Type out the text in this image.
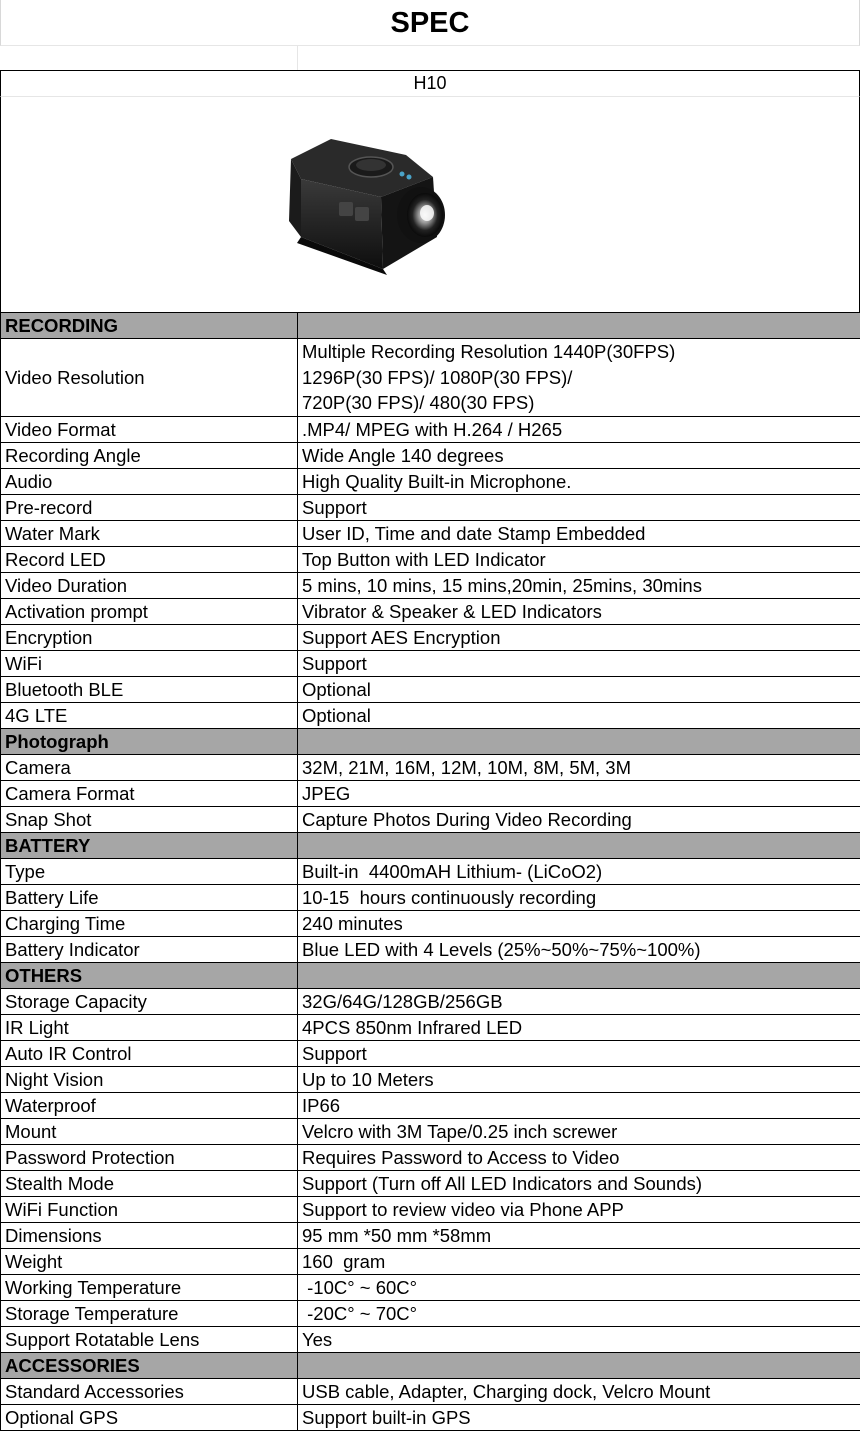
SPEC
H10
RECORDING	
Video Resolution	Multiple Recording Resolution 1440P(30FPS)
1296P(30 FPS)/ 1080P(30 FPS)/
720P(30 FPS)/ 480(30 FPS)

Video Format	.MP4/ MPEG with H.264 / H265
Recording Angle	Wide Angle 140 degrees
Audio	High Quality Built-in Microphone.
Pre-record	Support
Water Mark	User ID, Time and date Stamp Embedded
Record LED	Top Button with LED Indicator
Video Duration	5 mins, 10 mins, 15 mins,20min, 25mins, 30mins
Activation prompt	Vibrator & Speaker & LED Indicators
Encryption	Support AES Encryption
WiFi	Support
Bluetooth BLE	Optional
4G LTE	Optional
Photograph	
Camera	32M, 21M, 16M, 12M, 10M, 8M, 5M, 3M
Camera Format	JPEG
Snap Shot	Capture Photos During Video Recording
BATTERY	
Type	Built-in  4400mAH Lithium- (LiCoO2)
Battery Life	10-15  hours continuously recording
Charging Time	240 minutes
Battery Indicator	Blue LED with 4 Levels (25%~50%~75%~100%)
OTHERS	
Storage Capacity	32G/64G/128GB/256GB
IR Light	4PCS 850nm Infrared LED
Auto IR Control	Support
Night Vision	Up to 10 Meters
Waterproof	IP66
Mount	Velcro with 3M Tape/0.25 inch screwer
Password Protection	Requires Password to Access to Video
Stealth Mode	Support (Turn off All LED Indicators and Sounds)
WiFi Function	Support to review video via Phone APP
Dimensions	95 mm *50 mm *58mm
Weight	160  gram
Working Temperature	-10C° ~ 60C°
Storage Temperature	-20C° ~ 70C°
Support Rotatable Lens	Yes
ACCESSORIES	
Standard Accessories	USB cable, Adapter, Charging dock, Velcro Mount
Optional GPS	Support built-in GPS
